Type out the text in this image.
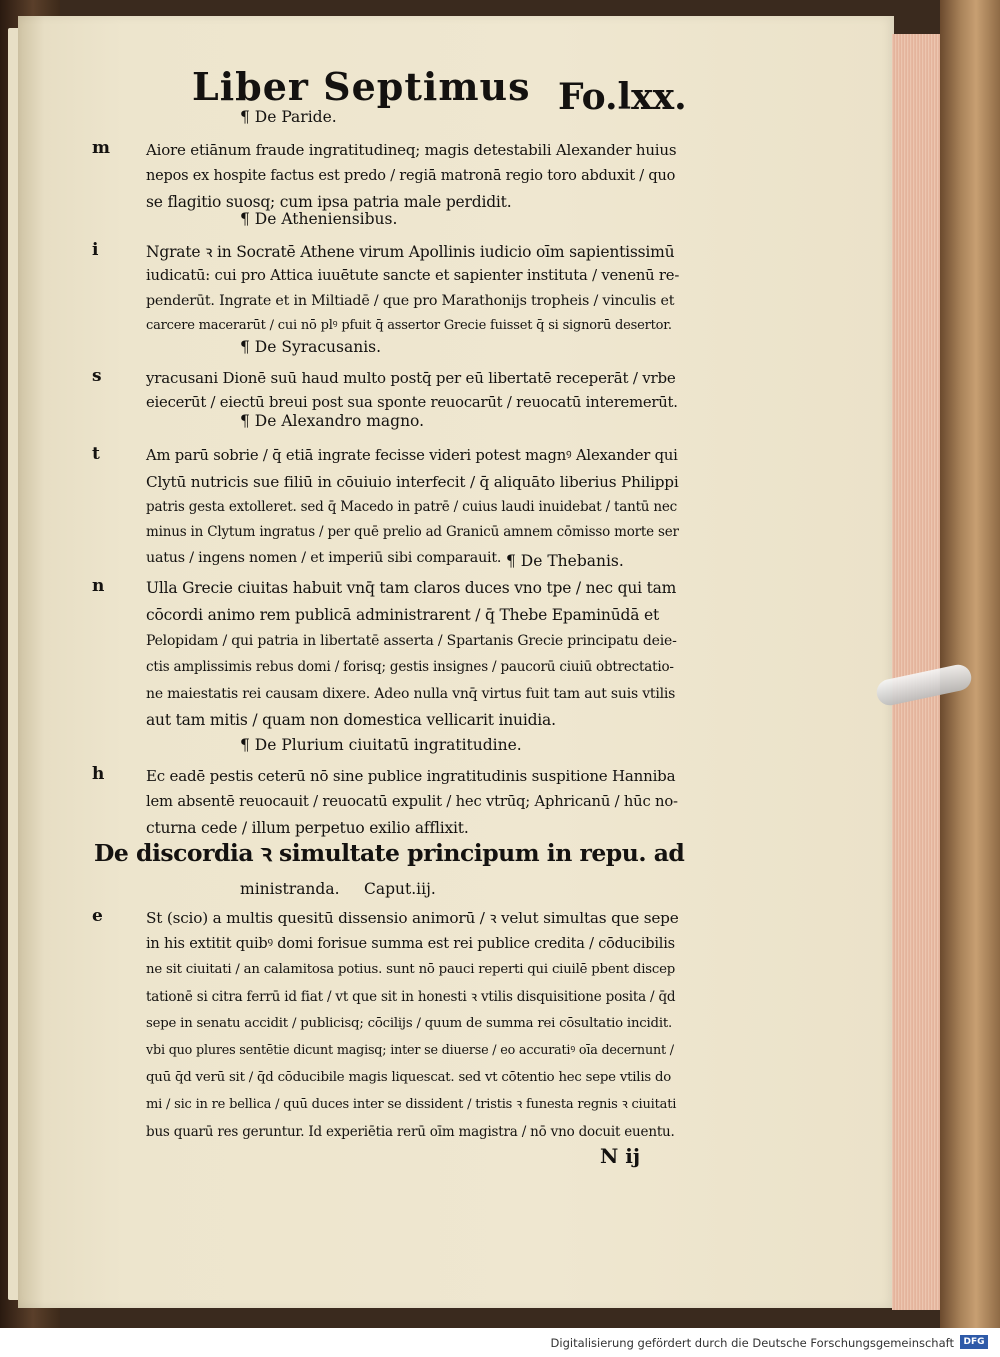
Liber Septimus Fo.lxx.
¶ De Paride.
m Aiore etiānum fraude ingratitudineq; magis detestabili Alexander huius
nepos ex hospite factus est predo / regiā matronā regio toro abduxit / quo
se flagitio suosq; cum ipsa patria male perdidit.
¶ De Atheniensibus.
i	Ngrate ꝛ in Socratē Athene virum Apollinis iudicio oīm sapientissimū
iudicatū: cui pro Attica iuuētute sancte et sapienter instituta / venenū re-
penderūt. Ingrate et in Miltiadē / que pro Marathonijs tropheis / vinculis et
carcere macerarūt / cui nō plꝰ pfuit q̄ assertor Grecie fuisset q̄ si signorū desertor.
¶ De Syracusanis.
s	yracusani Dionē suū haud multo postq̄ per eū libertatē receperāt / vrbe
eiecerūt / eiectū breui post sua sponte reuocarūt / reuocatū interemerūt.
¶ De Alexandro magno.
t	Am parū sobrie / q̄ etiā ingrate fecisse videri potest magnꝰ Alexander qui
Clytū nutricis sue filiū in cōuiuio interfecit / q̄ aliquāto liberius Philippi
patris gesta extolleret. sed q̄ Macedo in patrē / cuius laudi inuidebat / tantū nec
minus in Clytum ingratus / per quē prelio ad Granicū amnem cōmisso morte ser
uatus / ingens nomen / et imperiū sibi comparauit. ¶ De Thebanis.
n	Ulla Grecie ciuitas habuit vnq̄ tam claros duces vno tpe / nec qui tam
cōcordi animo rem publicā administrarent / q̄ Thebe Epaminūdā et
Pelopidam / qui patria in libertatē asserta / Spartanis Grecie principatu deie-
ctis amplissimis rebus domi / forisq; gestis insignes / paucorū ciuiū obtrectatio-
ne maiestatis rei causam dixere. Adeo nulla vnq̄ virtus fuit tam aut suis vtilis
aut tam mitis / quam non domestica vellicarit inuidia.
¶ De Plurium ciuitatū ingratitudine.
h	Ec eadē pestis ceterū nō sine publice ingratitudinis suspitione Hanniba
lem absentē reuocauit / reuocatū expulit / hec vtrūq; Aphricanū / hūc no-
cturna cede / illum perpetuo exilio afflixit.
De discordia ꝛ simultate principum in repu. ad
ministranda. Caput.iij.
e	St (scio) a multis quesitū dissensio animorū / ꝛ velut simultas que sepe
in his extitit quibꝰ domi forisue summa est rei publice credita / cōducibilis
ne sit ciuitati / an calamitosa potius. sunt nō pauci reperti qui ciuilē pbent discep
tationē si citra ferrū id fiat / vt que sit in honesti ꝛ vtilis disquisitione posita / q̄d
sepe in senatu accidit / publicisq; cōcilijs / quum de summa rei cōsultatio incidit.
vbi quo plures sentētie dicunt magisq; inter se diuerse / eo accuratiꝰ oīa decernunt /
quū q̄d verū sit / q̄d cōducibile magis liquescat. sed vt cōtentio hec sepe vtilis do
mi / sic in re bellica / quū duces inter se dissident / tristis ꝛ funesta regnis ꝛ ciuitati
bus quarū res geruntur. Id experiētia rerū oīm magistra / nō vno docuit euentu.
N ij
Digitalisierung gefördert durch die Deutsche Forschungsgemeinschaft	DFG
